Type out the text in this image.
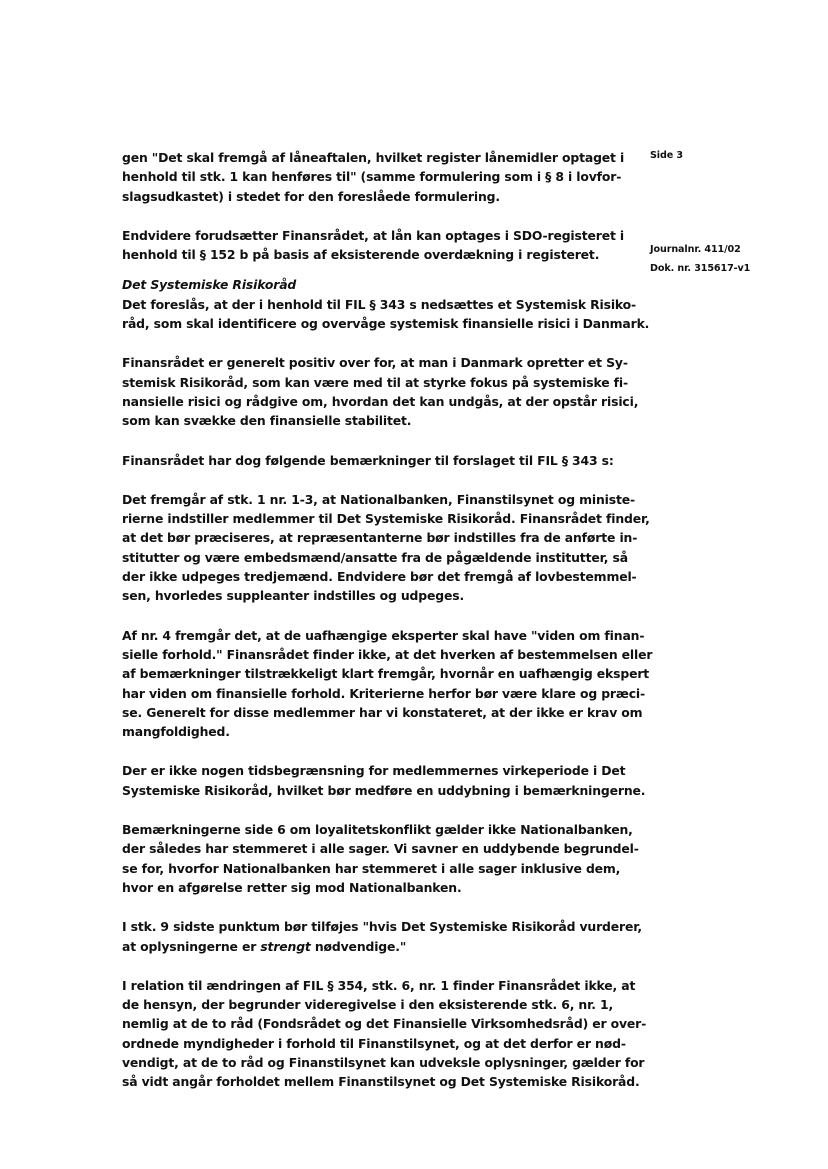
Side 3
Journalnr. 411/02
Dok. nr. 315617-v1
gen "Det skal fremgå af låneaftalen, hvilket register lånemidler optaget i
henhold til stk. 1 kan henføres til" (samme formulering som i § 8 i lovfor-
slagsudkastet) i stedet for den foreslåede formulering.
Endvidere forudsætter Finansrådet, at lån kan optages i SDO-registeret i
henhold til § 152 b på basis af eksisterende overdækning i registeret.
Det Systemiske Risikoråd
Det foreslås, at der i henhold til FIL § 343 s nedsættes et Systemisk Risiko-
råd, som skal identificere og overvåge systemisk finansielle risici i Danmark.
Finansrådet er generelt positiv over for, at man i Danmark opretter et Sy-
stemisk Risikoråd, som kan være med til at styrke fokus på systemiske fi-
nansielle risici og rådgive om, hvordan det kan undgås, at der opstår risici,
som kan svække den finansielle stabilitet.
Finansrådet har dog følgende bemærkninger til forslaget til FIL § 343 s:
Det fremgår af stk. 1 nr. 1-3, at Nationalbanken, Finanstilsynet og ministe-
rierne indstiller medlemmer til Det Systemiske Risikoråd. Finansrådet finder,
at det bør præciseres, at repræsentanterne bør indstilles fra de anførte in-
stitutter og være embedsmænd/ansatte fra de pågældende institutter, så
der ikke udpeges tredjemænd. Endvidere bør det fremgå af lovbestemmel-
sen, hvorledes suppleanter indstilles og udpeges.
Af nr. 4 fremgår det, at de uafhængige eksperter skal have "viden om finan-
sielle forhold." Finansrådet finder ikke, at det hverken af bestemmelsen eller
af bemærkninger tilstrækkeligt klart fremgår, hvornår en uafhængig ekspert
har viden om finansielle forhold. Kriterierne herfor bør være klare og præci-
se. Generelt for disse medlemmer har vi konstateret, at der ikke er krav om
mangfoldighed.
Der er ikke nogen tidsbegrænsning for medlemmernes virkeperiode i Det
Systemiske Risikoråd, hvilket bør medføre en uddybning i bemærkningerne.
Bemærkningerne side 6 om loyalitetskonflikt gælder ikke Nationalbanken,
der således har stemmeret i alle sager. Vi savner en uddybende begrundel-
se for, hvorfor Nationalbanken har stemmeret i alle sager inklusive dem,
hvor en afgørelse retter sig mod Nationalbanken.
I stk. 9 sidste punktum bør tilføjes "hvis Det Systemiske Risikoråd vurderer,
at oplysningerne er strengt nødvendige."
I relation til ændringen af FIL § 354, stk. 6, nr. 1 finder Finansrådet ikke, at
de hensyn, der begrunder videregivelse i den eksisterende stk. 6, nr. 1,
nemlig at de to råd (Fondsrådet og det Finansielle Virksomhedsråd) er over-
ordnede myndigheder i forhold til Finanstilsynet, og at det derfor er nød-
vendigt, at de to råd og Finanstilsynet kan udveksle oplysninger, gælder for
så vidt angår forholdet mellem Finanstilsynet og Det Systemiske Risikoråd.
